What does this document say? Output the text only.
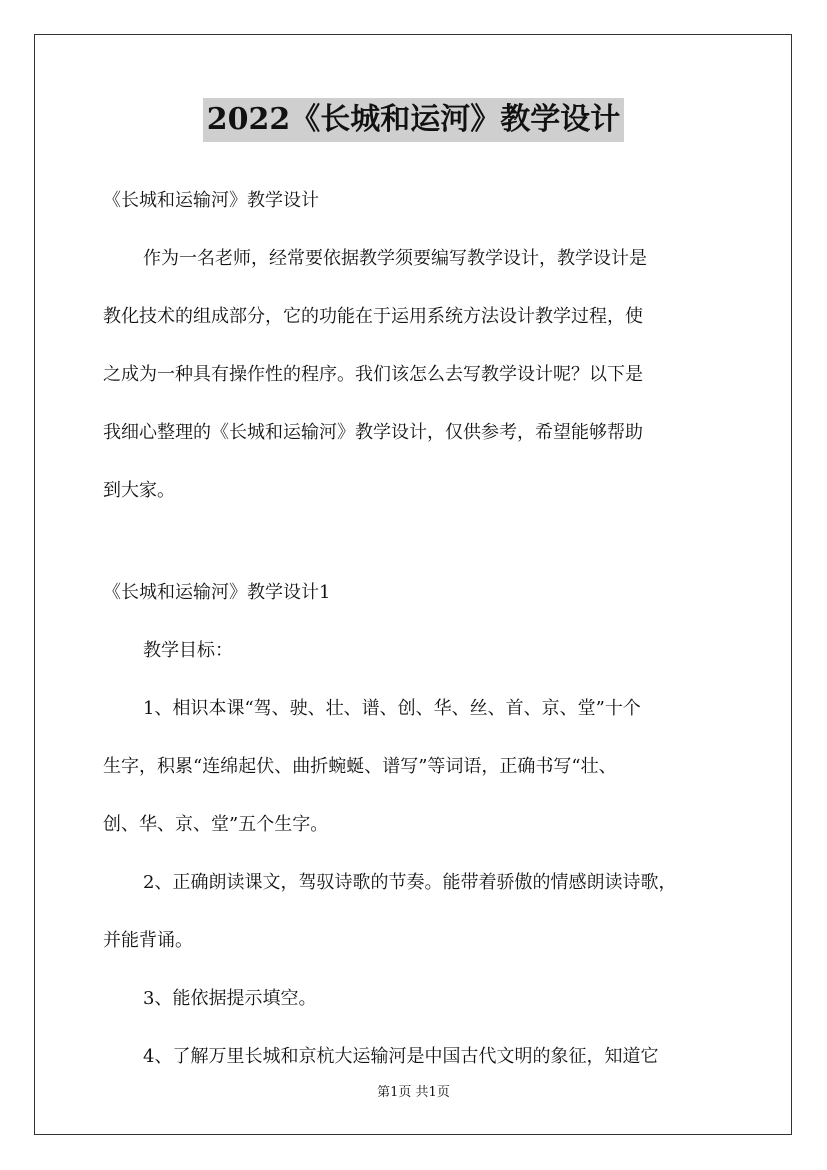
2022《长城和运河》教学设计
《长城和运输河》教学设计
作为一名老师，经常要依据教学须要编写教学设计，教学设计是
教化技术的组成部分，它的功能在于运用系统方法设计教学过程，使
之成为一种具有操作性的程序。我们该怎么去写教学设计呢？以下是
我细心整理的《长城和运输河》教学设计，仅供参考，希望能够帮助
到大家。
《长城和运输河》教学设计1
教学目标：
1、相识本课“驾、驶、壮、谱、创、华、丝、首、京、堂”十个
生字，积累“连绵起伏、曲折蜿蜒、谱写”等词语，正确书写“壮、
创、华、京、堂”五个生字。
2、正确朗读课文，驾驭诗歌的节奏。能带着骄傲的情感朗读诗歌，
并能背诵。
3、能依据提示填空。
4、了解万里长城和京杭大运输河是中国古代文明的象征，知道它
第1页 共1页
